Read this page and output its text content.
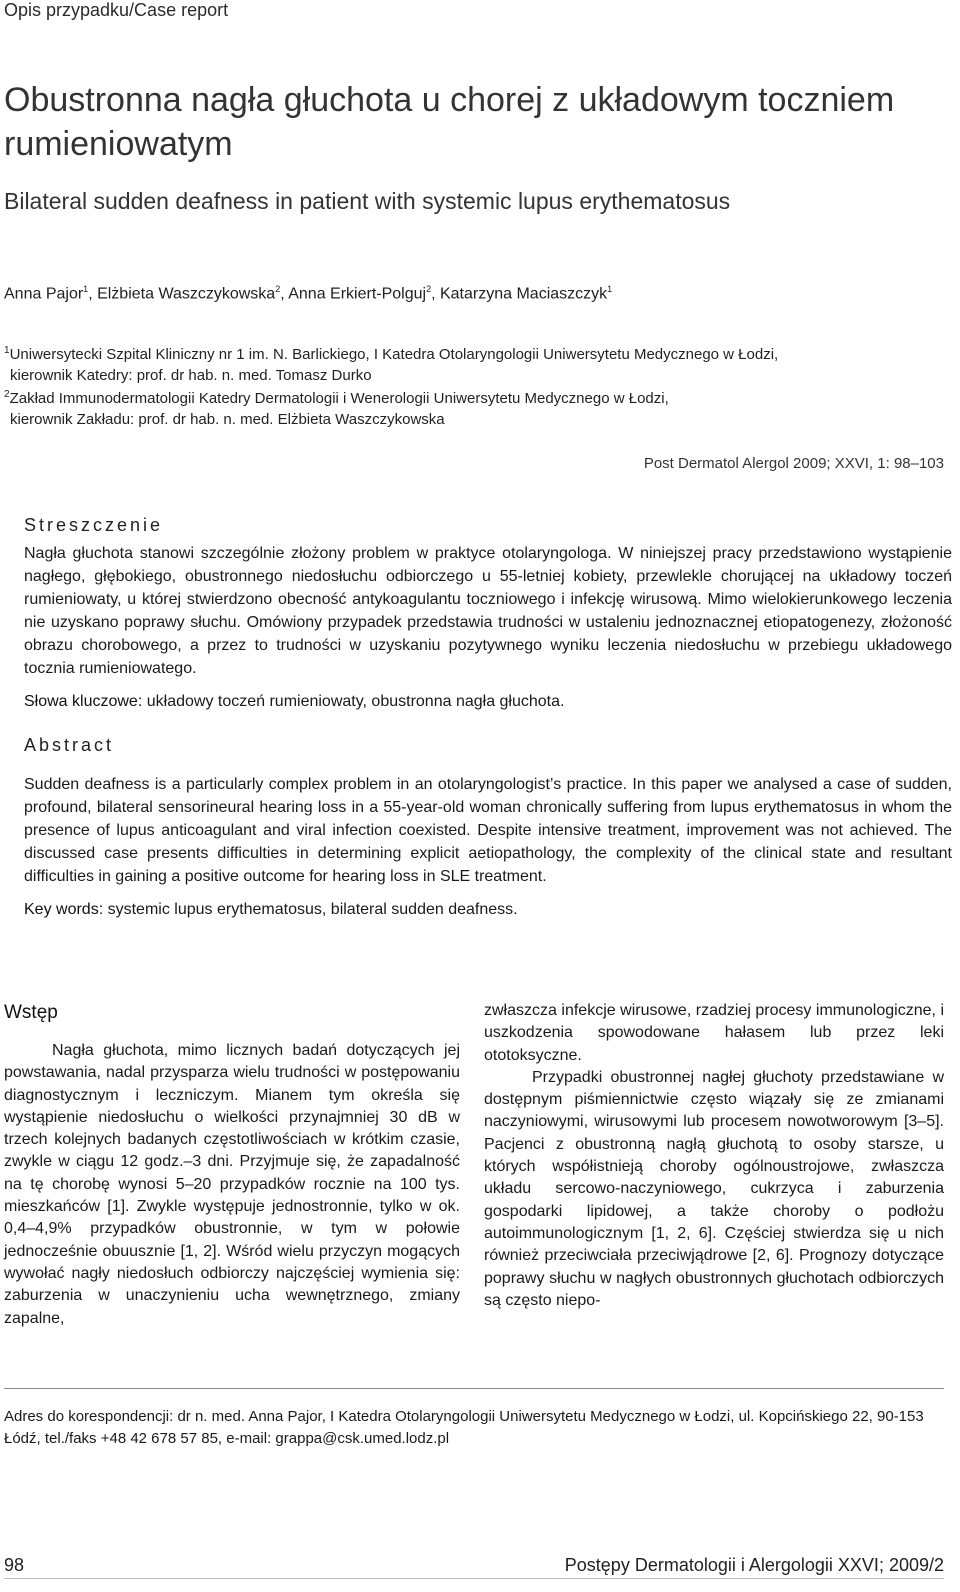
Opis przypadku/Case report
Obustronna nagła głuchota u chorej z układowym toczniem rumieniowatym
Bilateral sudden deafness in patient with systemic lupus erythematosus
Anna Pajor$^1$, Elżbieta Waszczykowska$^2$, Anna Erkiert-Polguj$^2$, Katarzyna Maciaszczyk$^1$
$^1$Uniwersytecki Szpital Kliniczny nr 1 im. N. Barlickiego, I Katedra Otolaryngologii Uniwersytetu Medycznego w Łodzi,
kierownik Katedry: prof. dr hab. n. med. Tomasz Durko
$^2$Zakład Immunodermatologii Katedry Dermatologii i Wenerologii Uniwersytetu Medycznego w Łodzi,
kierownik Zakładu: prof. dr hab. n. med. Elżbieta Waszczykowska
Post Dermatol Alergol 2009; XXVI, 1: 98–103
Streszczenie
Nagła głuchota stanowi szczególnie złożony problem w praktyce otolaryngologa. W niniejszej pracy przedstawiono wystąpienie nagłego, głębokiego, obustronnego niedosłuchu odbiorczego u 55-letniej kobiety, przewlekle chorującej na układowy toczeń rumieniowaty, u której stwierdzono obecność antykoagulantu toczniowego i infekcję wirusową. Mimo wielokierunkowego leczenia nie uzyskano poprawy słuchu. Omówiony przypadek przedstawia trudności w ustaleniu jednoznacznej etiopatogenezy, złożoność obrazu chorobowego, a przez to trudności w uzyskaniu pozytywnego wyniku leczenia niedosłuchu w przebiegu układowego tocznia rumieniowatego.
Słowa kluczowe: układowy toczeń rumieniowaty, obustronna nagła głuchota.
Abstract
Sudden deafness is a particularly complex problem in an otolaryngologist’s practice. In this paper we analysed a case of sudden, profound, bilateral sensorineural hearing loss in a 55-year-old woman chronically suffering from lupus erythematosus in whom the presence of lupus anticoagulant and viral infection coexisted. Despite intensive treatment, improvement was not achieved. The discussed case presents difficulties in determining explicit aetiopathology, the complexity of the clinical state and resultant difficulties in gaining a positive outcome for hearing loss in SLE treatment.
Key words: systemic lupus erythematosus, bilateral sudden deafness.
Wstęp

Nagła głuchota, mimo licznych badań dotyczących jej powstawania, nadal przysparza wielu trudności w postępowaniu diagnostycznym i leczniczym. Mianem tym określa się wystąpienie niedosłuchu o wielkości przynajmniej 30 dB w trzech kolejnych badanych częstotliwościach w krótkim czasie, zwykle w ciągu 12 godz.–3 dni. Przyjmuje się, że zapadalność na tę chorobę wynosi 5–20 przypadków rocznie na 100 tys. mieszkańców [1]. Zwykle występuje jednostronnie, tylko w ok. 0,4–4,9% przypadków obustronnie, w tym w połowie jednocześnie obuusznie [1, 2]. Wśród wielu przyczyn mogących wywołać nagły niedosłuch odbiorczy najczęściej wymienia się: zaburzenia w unaczynieniu ucha wewnętrznego, zmiany zapalne,

zwłaszcza infekcje wirusowe, rzadziej procesy immunologiczne, i uszkodzenia spowodowane hałasem lub przez leki ototoksyczne.

Przypadki obustronnej nagłej głuchoty przedstawiane w dostępnym piśmiennictwie często wiązały się ze zmianami naczyniowymi, wirusowymi lub procesem nowotworowym [3–5]. Pacjenci z obustronną nagłą głuchotą to osoby starsze, u których współistnieją choroby ogólnoustrojowe, zwłaszcza układu sercowo-naczyniowego, cukrzyca i zaburzenia gospodarki lipidowej, a także choroby o podłożu autoimmunologicznym [1, 2, 6]. Częściej stwierdza się u nich również przeciwciała przeciwjądrowe [2, 6]. Prognozy dotyczące poprawy słuchu w nagłych obustronnych głuchotach odbiorczych są często niepo-

Adres do korespondencji: dr n. med. Anna Pajor, I Katedra Otolaryngologii Uniwersytetu Medycznego w Łodzi, ul. Kopcińskiego 22, 90-153 Łódź, tel./faks +48 42 678 57 85, e-mail: grappa@csk.umed.lodz.pl
98	Postępy Dermatologii i Alergologii XXVI; 2009/2
